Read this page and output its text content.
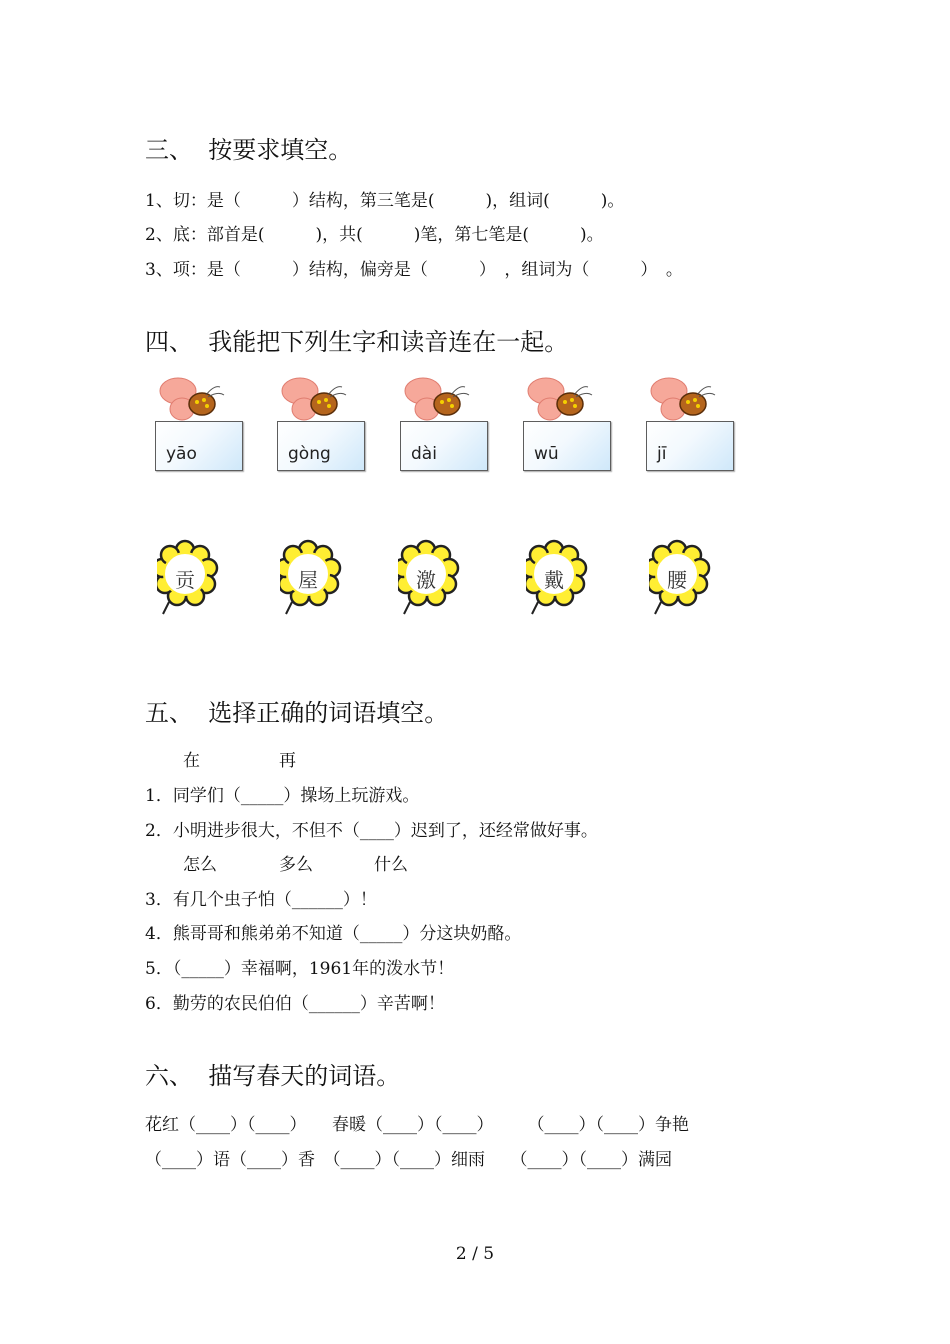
三、  按要求填空。
1、切：是（　　　）结构，第三笔是(　　　)，组词(　　　)。
2、底：部首是(　　　)，共(　　　)笔，第七笔是(　　　)。
3、项：是（　　　）结构，偏旁是（　　　）　，组词为（　　　）　。
四、  我能把下列生字和读音连在一起。
yāo	gòng	dài	wū	jī
贡	屋	激	戴	腰
五、  选择正确的词语填空。
在	再
1．同学们（_____）操场上玩游戏。
2．小明进步很大，不但不（____）迟到了，还经常做好事。
怎么	多么	什么
3．有几个虫子怕（______）！
4．熊哥哥和熊弟弟不知道（_____）分这块奶酪。
5．（_____）幸福啊，1961年的泼水节！
6．勤劳的农民伯伯（______）辛苦啊！
六、  描写春天的词语。
花红（____）（____）　　春暖（____）（____）　　　（____）（____）争艳
（____）语（____）香　（____）（____）细雨　　（____）（____）满园
2 / 5
